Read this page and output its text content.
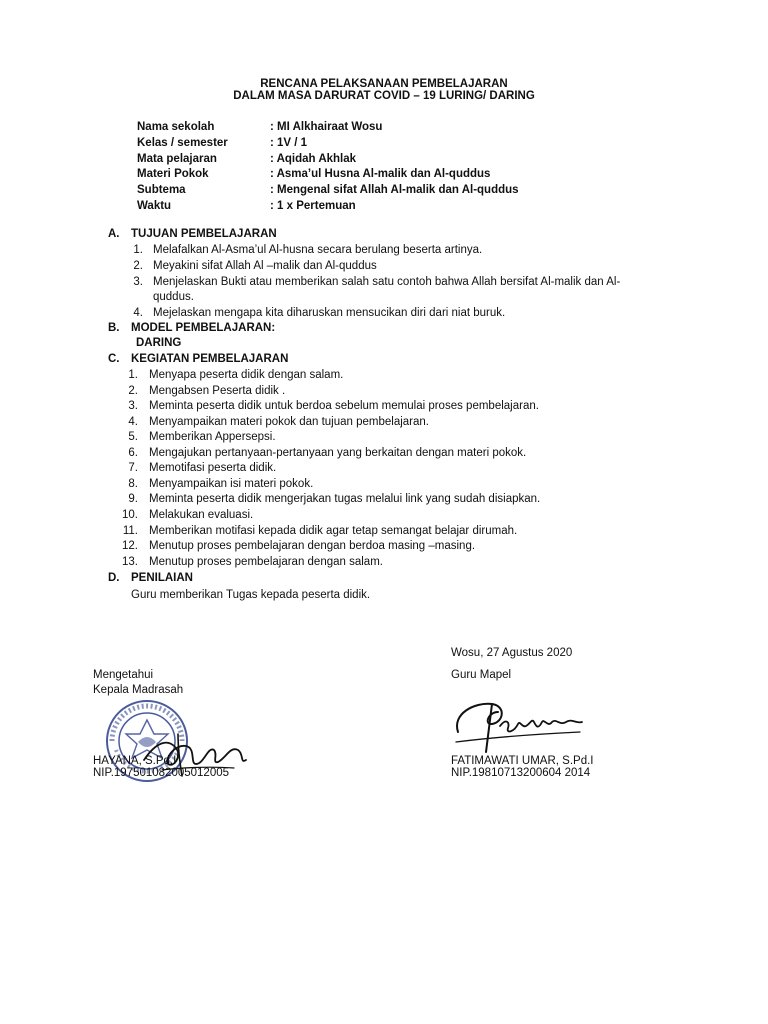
RENCANA PELAKSANAAN PEMBELAJARAN
DALAM MASA DARURAT COVID – 19 LURING/ DARING
Nama sekolah	: MI Alkhairaat Wosu
Kelas / semester	: 1V / 1
Mata pelajaran	: Aqidah Akhlak
Materi Pokok	: Asma’ul Husna Al-malik dan Al-quddus
Subtema	: Mengenal sifat Allah Al-malik dan Al-quddus
Waktu	: 1 x Pertemuan
A. TUJUAN PEMBELAJARAN
1. Melafalkan Al-Asma’ul Al-husna secara berulang beserta artinya.
2. Meyakini sifat Allah Al –malik dan Al-quddus
3. Menjelaskan Bukti atau memberikan salah satu contoh bahwa Allah bersifat Al-malik dan Al-
quddus.
4. Mejelaskan mengapa kita diharuskan mensucikan diri dari niat buruk.
B. MODEL PEMBELAJARAN:
DARING
C. KEGIATAN PEMBELAJARAN
1. Menyapa peserta didik dengan salam.
2. Mengabsen Peserta didik .
3. Meminta peserta didik untuk berdoa sebelum memulai proses pembelajaran.
4. Menyampaikan materi pokok dan tujuan pembelajaran.
5. Memberikan Appersepsi.
6. Mengajukan pertanyaan-pertanyaan yang berkaitan dengan materi pokok.
7. Memotifasi peserta didik.
8. Menyampaikan isi materi pokok.
9. Meminta peserta didik mengerjakan tugas melalui link yang sudah disiapkan.
10. Melakukan evaluasi.
11. Memberikan motifasi kepada didik agar tetap semangat belajar dirumah.
12. Menutup proses pembelajaran dengan berdoa masing –masing.
13. Menutup proses pembelajaran dengan salam.
D. PENILAIAN
Guru memberikan Tugas kepada peserta didik.
Wosu, 27 Agustus 2020
Mengetahui
Kepala Madrasah
Guru Mapel
HAYANA, S.Pd.I
NIP.197501082005012005
FATIMAWATI UMAR, S.Pd.I
NIP.19810713200604 2014
